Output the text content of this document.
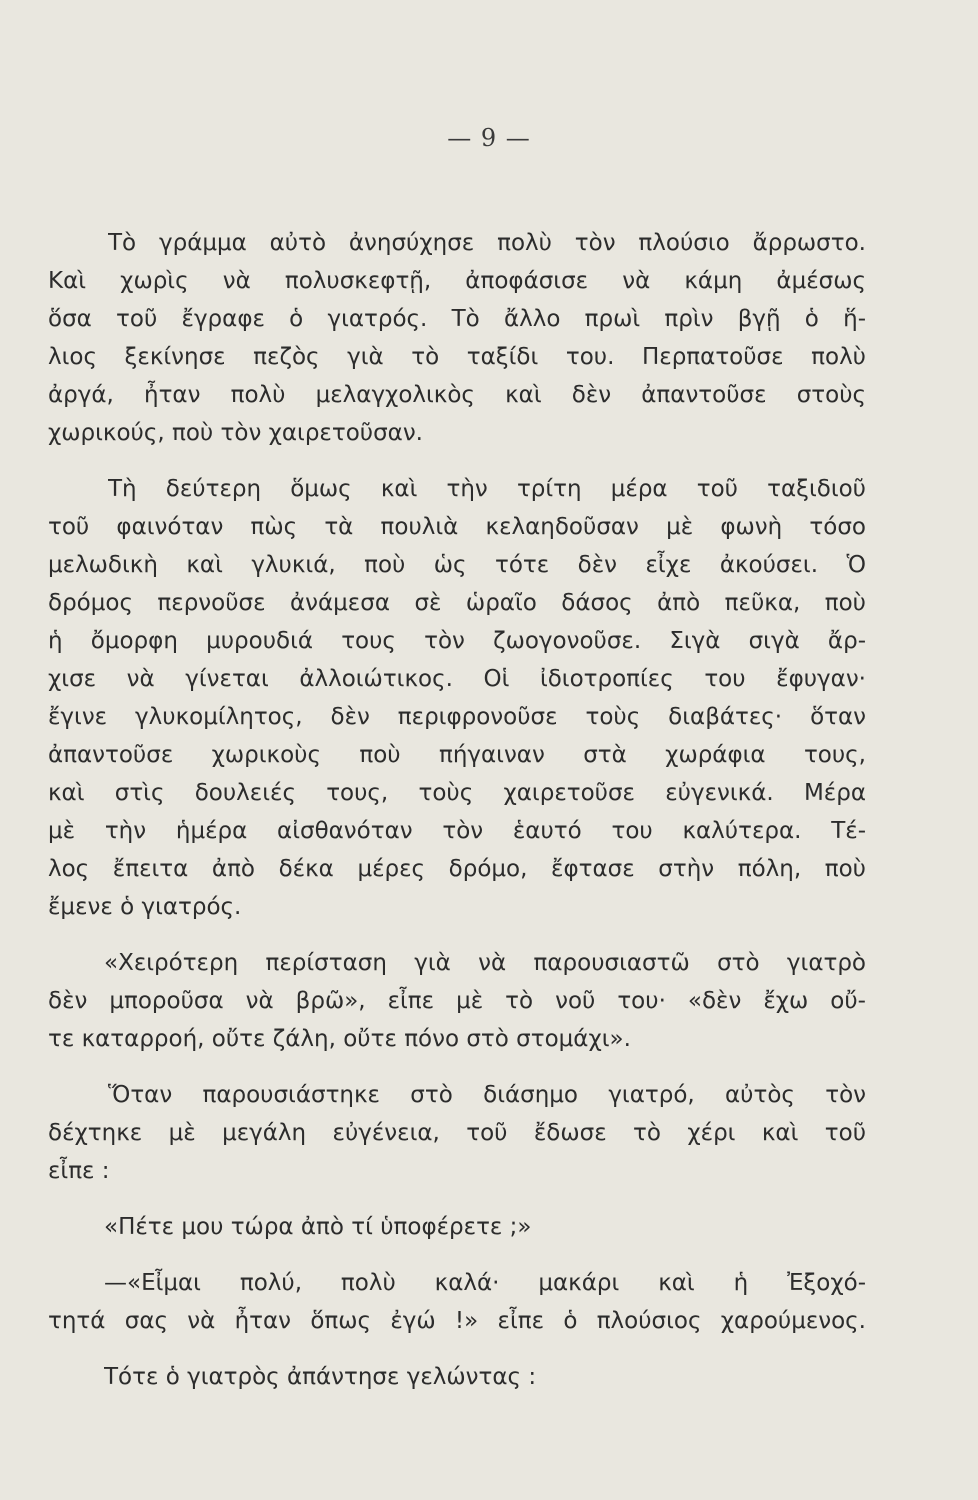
— 9 —
Τὸ γράμμα αὐτὸ ἀνησύχησε πολὺ τὸν πλούσιο ἄρρωστο.
Καὶ χωρὶς νὰ πολυσκεφτῇ, ἀποφάσισε νὰ κάμη ἀμέσως
ὅσα τοῦ ἔγραφε ὁ γιατρός. Τὸ ἄλλο πρωὶ πρὶν βγῇ ὁ ἥ-
λιος ξεκίνησε πεζὸς γιὰ τὸ ταξίδι του. Περπατοῦσε πολὺ
ἀργά, ἦταν πολὺ μελαγχολικὸς καὶ δὲν ἀπαντοῦσε στοὺς
χωρικούς, ποὺ τὸν χαιρετοῦσαν.
Τὴ δεύτερη ὅμως καὶ τὴν τρίτη μέρα τοῦ ταξιδιοῦ
τοῦ φαινόταν πὼς τὰ πουλιὰ κελαηδοῦσαν μὲ φωνὴ τόσο
μελωδικὴ καὶ γλυκιά, ποὺ ὡς τότε δὲν εἶχε ἀκούσει. Ὁ
δρόμος περνοῦσε ἀνάμεσα σὲ ὡραῖο δάσος ἀπὸ πεῦκα, ποὺ
ἡ ὄμορφη μυρουδιά τους τὸν ζωογονοῦσε. Σιγὰ σιγὰ ἄρ-
χισε νὰ γίνεται ἀλλοιώτικος. Οἱ ἰδιοτροπίες του ἔφυγαν·
ἔγινε γλυκομίλητος, δὲν περιφρονοῦσε τοὺς διαβάτες· ὅταν
ἀπαντοῦσε χωρικοὺς ποὺ πήγαιναν στὰ χωράφια τους,
καὶ στὶς δουλειές τους, τοὺς χαιρετοῦσε εὐγενικά. Μέρα
μὲ τὴν ἡμέρα αἰσθανόταν τὸν ἑαυτό του καλύτερα. Τέ-
λος ἔπειτα ἀπὸ δέκα μέρες δρόμο, ἔφτασε στὴν πόλη, ποὺ
ἔμενε ὁ γιατρός.
«Χειρότερη περίσταση γιὰ νὰ παρουσιαστῶ στὸ γιατρὸ
δὲν μποροῦσα νὰ βρῶ», εἶπε μὲ τὸ νοῦ του· «δὲν ἔχω οὔ-
τε καταρροή, οὔτε ζάλη, οὔτε πόνο στὸ στομάχι».
Ὅταν παρουσιάστηκε στὸ διάσημο γιατρό, αὐτὸς τὸν
δέχτηκε μὲ μεγάλη εὐγένεια, τοῦ ἔδωσε τὸ χέρι καὶ τοῦ
εἶπε :
«Πέτε μου τώρα ἀπὸ τί ὑποφέρετε ;»
—«Εἶμαι πολύ, πολὺ καλά· μακάρι καὶ ἡ Ἐξοχό-
τητά σας νὰ ἦταν ὅπως ἐγώ !» εἶπε ὁ πλούσιος χαρούμενος.
Τότε ὁ γιατρὸς ἀπάντησε γελώντας :
